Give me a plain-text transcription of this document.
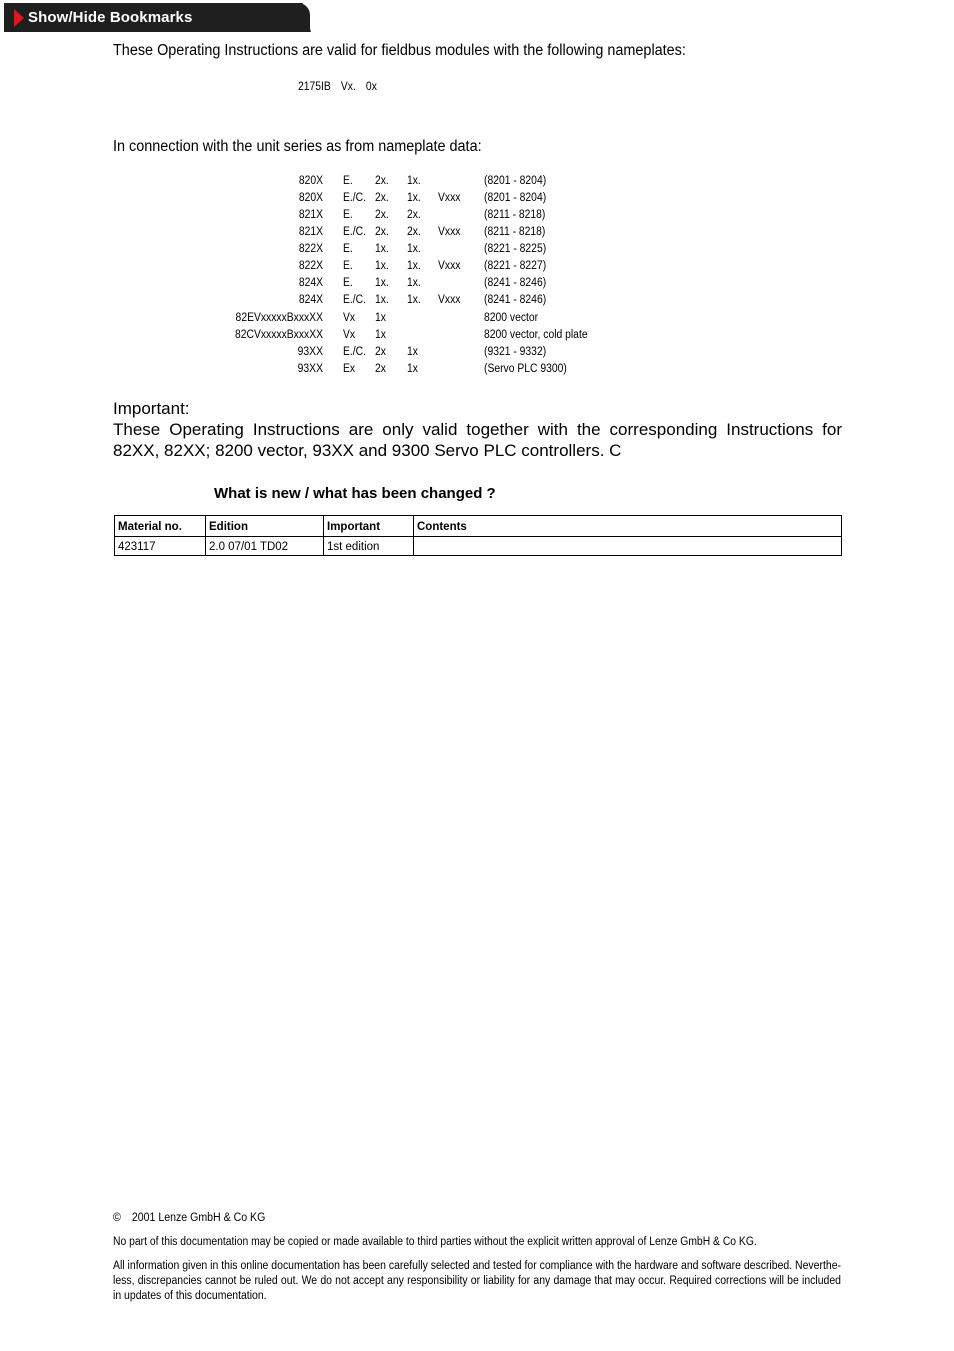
Show/Hide Bookmarks
These Operating Instructions are valid for fieldbus modules with the following nameplates:
2175IB Vx. 0x
In connection with the unit series as from nameplate data:
820X E. 2x. 1x.	(8201 - 8204)
820X E./C. 2x. 1x. Vxxx (8201 - 8204)
821X E. 2x. 2x.	(8211 - 8218)
821X E./C. 2x. 2x. Vxxx (8211 - 8218)
822X E. 1x. 1x.	(8221 - 8225)
822X E. 1x. 1x. Vxxx (8221 - 8227)
824X E. 1x. 1x.	(8241 - 8246)
824X E./C. 1x. 1x. Vxxx (8241 - 8246)
82EVxxxxxBxxxXX Vx 1x	8200 vector
82CVxxxxxBxxxXX Vx 1x	8200 vector, cold plate
93XX E./C. 2x 1x	(9321 - 9332)
93XX Ex 2x 1x	(Servo PLC 9300)
Important:
These Operating Instructions are only valid together with the corresponding Instructions for 82XX, 82XX; 8200 vector, 93XX and 9300 Servo PLC controllers. C
What is new / what has been changed ?
Material no.	Edition	Important	Contents
423117	2.0 07/01 TD02	1st edition	
© 2001 Lenze GmbH & Co KG
No part of this documentation may be copied or made available to third parties without the explicit written approval of Lenze GmbH & Co KG.
All information given in this online documentation has been carefully selected and tested for compliance with the hardware and software described. Neverthe-less, discrepancies cannot be ruled out. We do not accept any responsibility or liability for any damage that may occur. Required corrections will be included in updates of this documentation.
